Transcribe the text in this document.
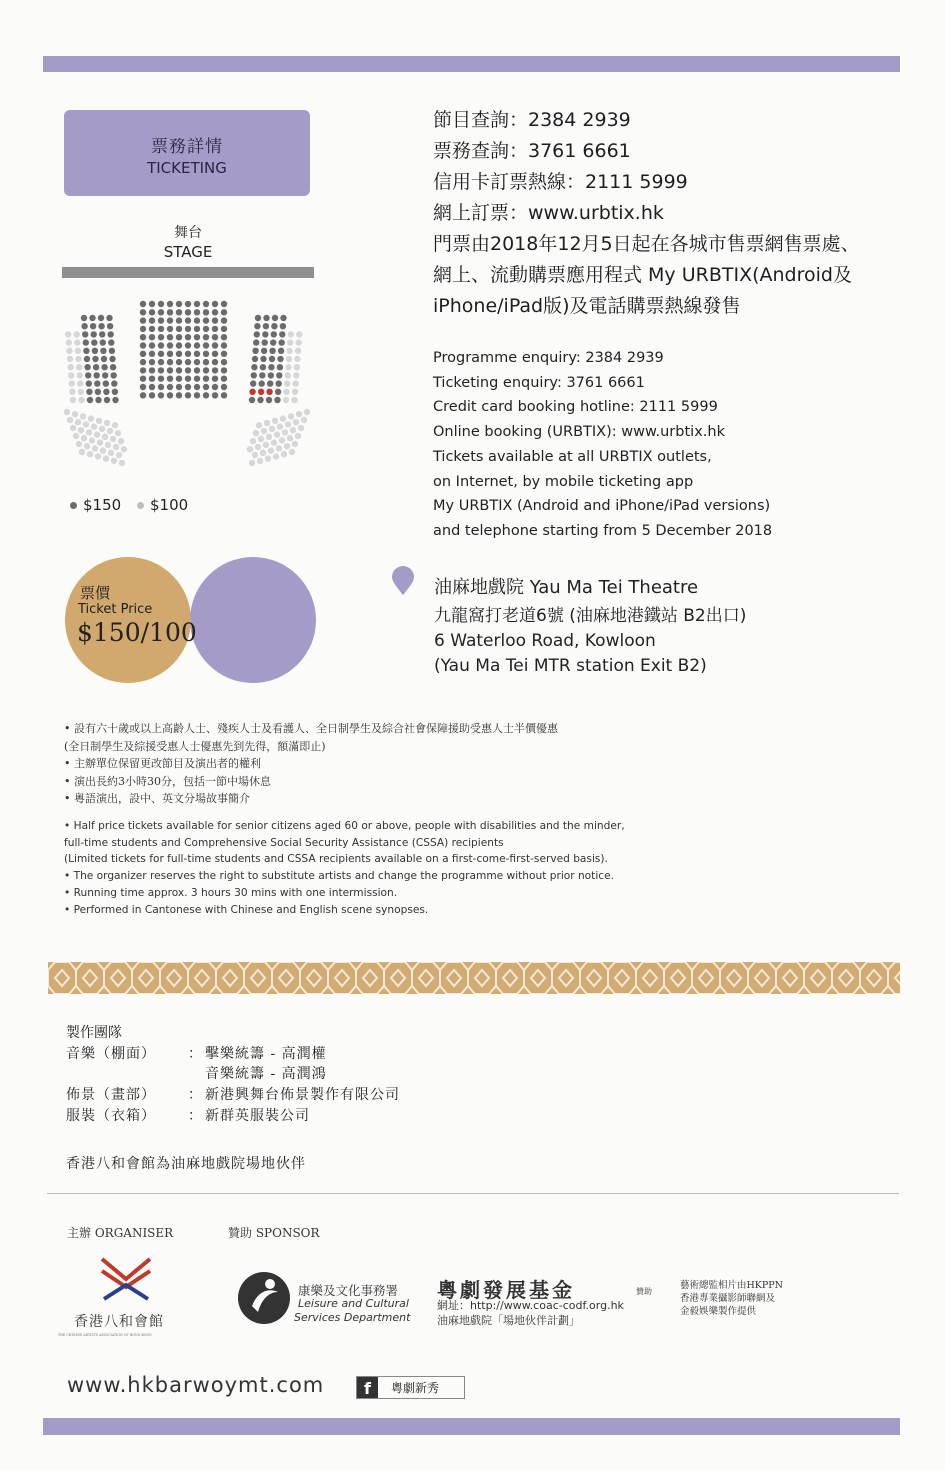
票務詳情
TICKETING
舞台
STAGE
$150	$100
票價
Ticket Price
$150/100
節目查詢：2384 2939
票務查詢：3761 6661
信用卡訂票熱線：2111 5999
網上訂票：www.urbtix.hk
門票由2018年12月5日起在各城市售票網售票處、
網上、流動購票應用程式 My URBTIX(Android及
iPhone/iPad版)及電話購票熱線發售
Programme enquiry: 2384 2939
Ticketing enquiry: 3761 6661
Credit card booking hotline: 2111 5999
Online booking (URBTIX): www.urbtix.hk
Tickets available at all URBTIX outlets,
on Internet, by mobile ticketing app
My URBTIX (Android and iPhone/iPad versions)
and telephone starting from 5 December 2018
油麻地戲院 Yau Ma Tei Theatre
九龍窩打老道6號 (油麻地港鐵站 B2出口)
6 Waterloo Road, Kowloon
(Yau Ma Tei MTR station Exit B2)
• 設有六十歲或以上高齡人士、殘疾人士及看護人、全日制學生及綜合社會保障援助受惠人士半價優惠
(全日制學生及綜援受惠人士優惠先到先得，額滿即止)
• 主辦單位保留更改節目及演出者的權利
• 演出長約3小時30分，包括一節中場休息
• 粵語演出，設中、英文分場故事簡介
• Half price tickets available for senior citizens aged 60 or above, people with disabilities and the minder,
full-time students and Comprehensive Social Security Assistance (CSSA) recipients
(Limited tickets for full-time students and CSSA recipients available on a first-come-first-served basis).
• The organizer reserves the right to substitute artists and change the programme without prior notice.
• Running time approx. 3 hours 30 mins with one intermission.
• Performed in Cantonese with Chinese and English scene synopses.
製作團隊
音樂（棚面） ： 擊樂統籌 - 高潤權
音樂統籌 - 高潤鴻
佈景（畫部） ： 新港興舞台佈景製作有限公司
服裝（衣箱） ： 新群英服裝公司
香港八和會館為油麻地戲院場地伙伴
主辦 ORGANISER	贊助 SPONSOR
香港八和會館
THE CHINESE ARTISTS ASSOCIATION OF HONG KONG
康樂及文化事務署
Leisure and Cultural
Services Department
粵劇發展基金	贊助
網址：http://www.coac-codf.org.hk
油麻地戲院「場地伙伴計劃」
藝術總監相片由HKPPN
香港專業攝影師聯網及
金毅娛樂製作提供
www.hkbarwoymt.com	f	粵劇新秀
